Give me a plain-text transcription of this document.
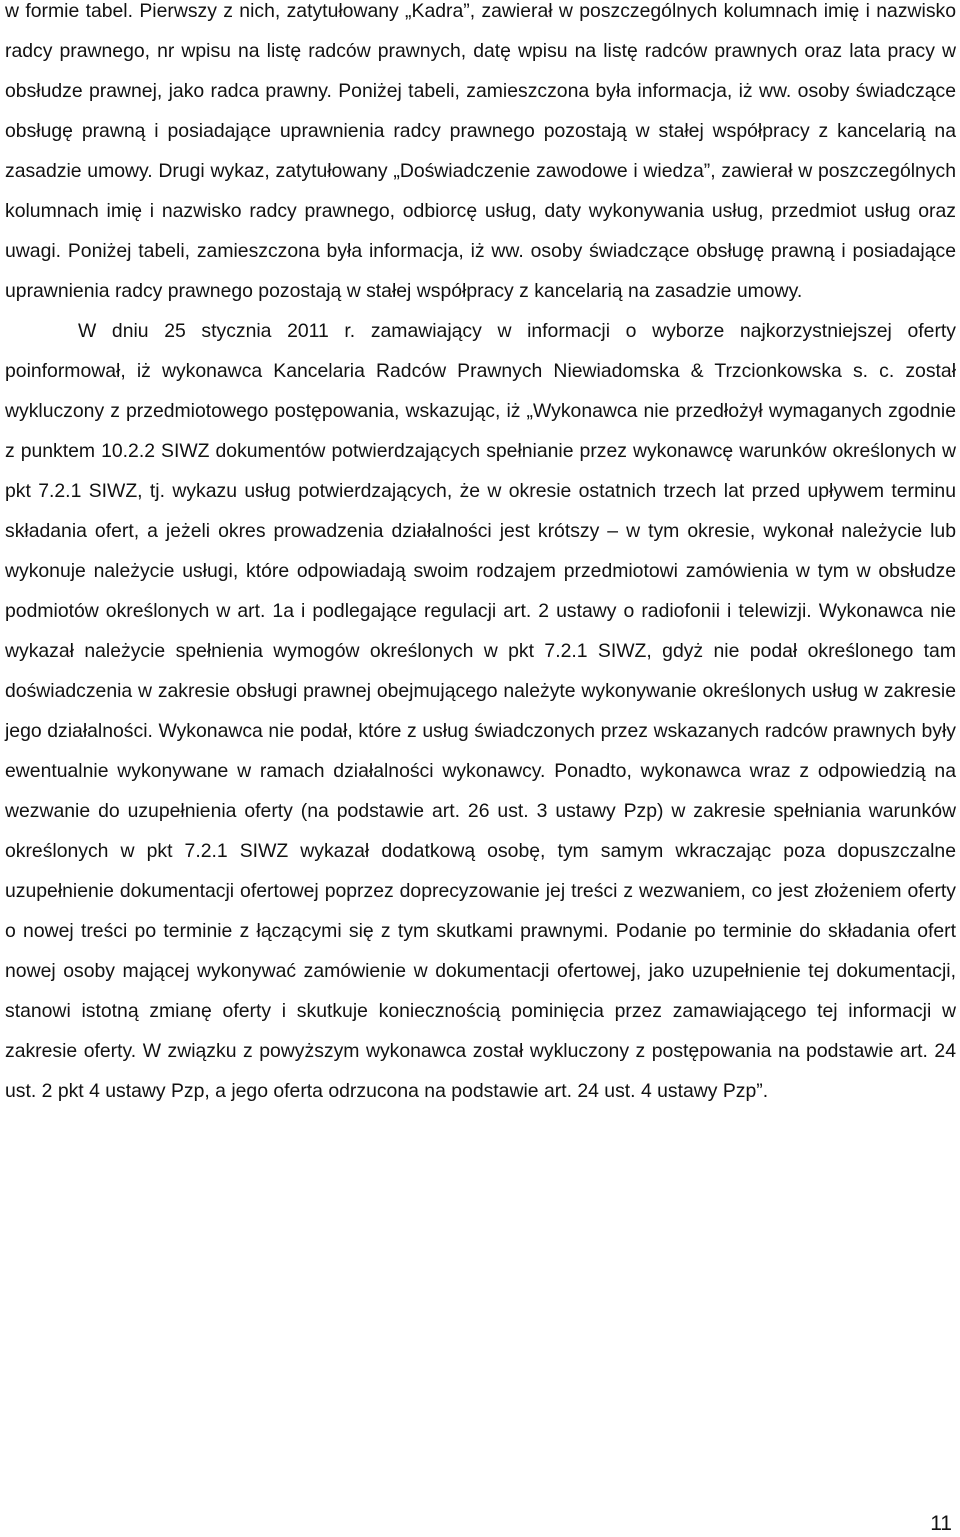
w formie tabel. Pierwszy z nich, zatytułowany „Kadra”, zawierał w poszczególnych kolumnach imię i nazwisko radcy prawnego, nr wpisu na listę radców prawnych, datę wpisu na listę radców prawnych oraz lata pracy w obsłudze prawnej, jako radca prawny. Poniżej tabeli, zamieszczona była informacja, iż ww. osoby świadczące obsługę prawną i posiadające uprawnienia radcy prawnego pozostają w stałej współpracy z kancelarią na zasadzie umowy. Drugi wykaz, zatytułowany „Doświadczenie zawodowe i wiedza”, zawierał w poszczególnych kolumnach imię i nazwisko radcy prawnego, odbiorcę usług, daty wykonywania usług, przedmiot usług oraz uwagi. Poniżej tabeli, zamieszczona była informacja, iż ww. osoby świadczące obsługę prawną i posiadające uprawnienia radcy prawnego pozostają w stałej współpracy z kancelarią na zasadzie umowy.

W dniu 25 stycznia 2011 r. zamawiający w informacji o wyborze najkorzystniejszej oferty poinformował, iż wykonawca Kancelaria Radców Prawnych Niewiadomska & Trzcionkowska s. c. został wykluczony z przedmiotowego postępowania, wskazując, iż „Wykonawca nie przedłożył wymaganych zgodnie z punktem 10.2.2 SIWZ dokumentów potwierdzających spełnianie przez wykonawcę warunków określonych w pkt 7.2.1 SIWZ, tj. wykazu usług potwierdzających, że w okresie ostatnich trzech lat przed upływem terminu składania ofert, a jeżeli okres prowadzenia działalności jest krótszy – w tym okresie, wykonał należycie lub wykonuje należycie usługi, które odpowiadają swoim rodzajem przedmiotowi zamówienia w tym w obsłudze podmiotów określonych w art. 1a i podlegające regulacji art. 2 ustawy o radiofonii i telewizji. Wykonawca nie wykazał należycie spełnienia wymogów określonych w pkt 7.2.1 SIWZ, gdyż nie podał określonego tam doświadczenia w zakresie obsługi prawnej obejmującego należyte wykonywanie określonych usług w zakresie jego działalności. Wykonawca nie podał, które z usług świadczonych przez wskazanych radców prawnych były ewentualnie wykonywane w ramach działalności wykonawcy. Ponadto, wykonawca wraz z odpowiedzią na wezwanie do uzupełnienia oferty (na podstawie art. 26 ust. 3 ustawy Pzp) w zakresie spełniania warunków określonych w pkt 7.2.1 SIWZ wykazał dodatkową osobę, tym samym wkraczając poza dopuszczalne uzupełnienie dokumentacji ofertowej poprzez doprecyzowanie jej treści z wezwaniem, co jest złożeniem oferty o nowej treści po terminie z łączącymi się z tym skutkami prawnymi. Podanie po terminie do składania ofert nowej osoby mającej wykonywać zamówienie w dokumentacji ofertowej, jako uzupełnienie tej dokumentacji, stanowi istotną zmianę oferty i skutkuje koniecznością pominięcia przez zamawiającego tej informacji w zakresie oferty. W związku z powyższym wykonawca został wykluczony z postępowania na podstawie art. 24 ust. 2 pkt 4 ustawy Pzp, a jego oferta odrzucona na podstawie art. 24 ust. 4 ustawy Pzp”.

11
